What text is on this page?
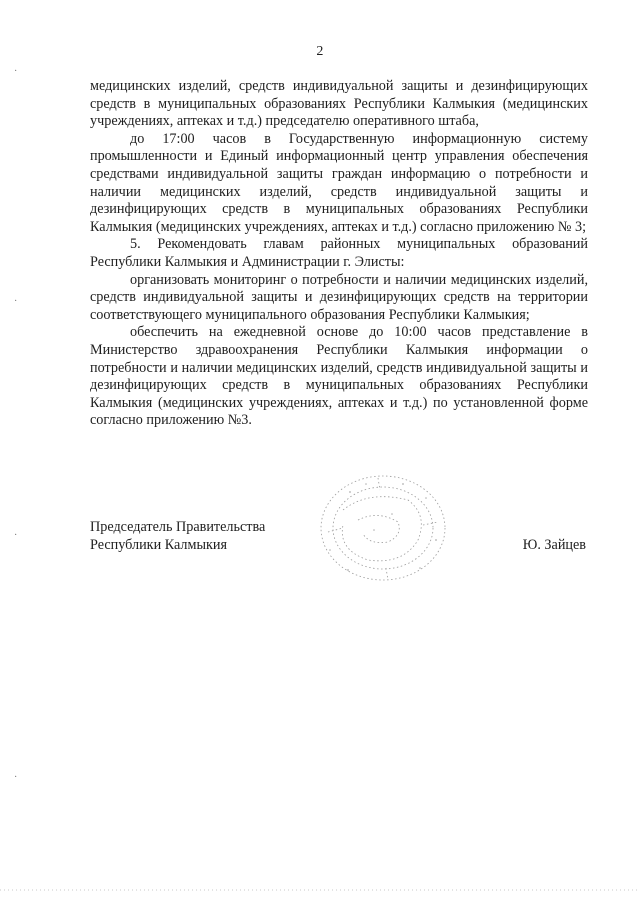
2

медицинских изделий, средств индивидуальной защиты и дезинфицирующих средств в муниципальных образованиях Республики Калмыкия (медицинских учреждениях, аптеках и т.д.) председателю оперативного штаба,

до 17:00 часов в Государственную информационную систему промышленности и Единый информационный центр управления обеспечения средствами индивидуальной защиты граждан информацию о потребности и наличии медицинских изделий, средств индивидуальной защиты и дезинфицирующих средств в муниципальных образованиях Республики Калмыкия (медицинских учреждениях, аптеках и т.д.) согласно приложению № 3;

5. Рекомендовать главам районных муниципальных образований Республики Калмыкия и Администрации г. Элисты:

организовать мониторинг о потребности и наличии медицинских изделий, средств индивидуальной защиты и дезинфицирующих средств на территории соответствующего муниципального образования Республики Калмыкия;

обеспечить на ежедневной основе до 10:00 часов представление в Министерство здравоохранения Республики Калмыкия информации о потребности и наличии медицинских изделий, средств индивидуальной защиты и дезинфицирующих средств в муниципальных образованиях Республики Калмыкия (медицинских учреждениях, аптеках и т.д.) по установленной форме согласно приложению №3.

Председатель Правительства
Республики Калмыкия	Ю. Зайцев
·
·
·
·
